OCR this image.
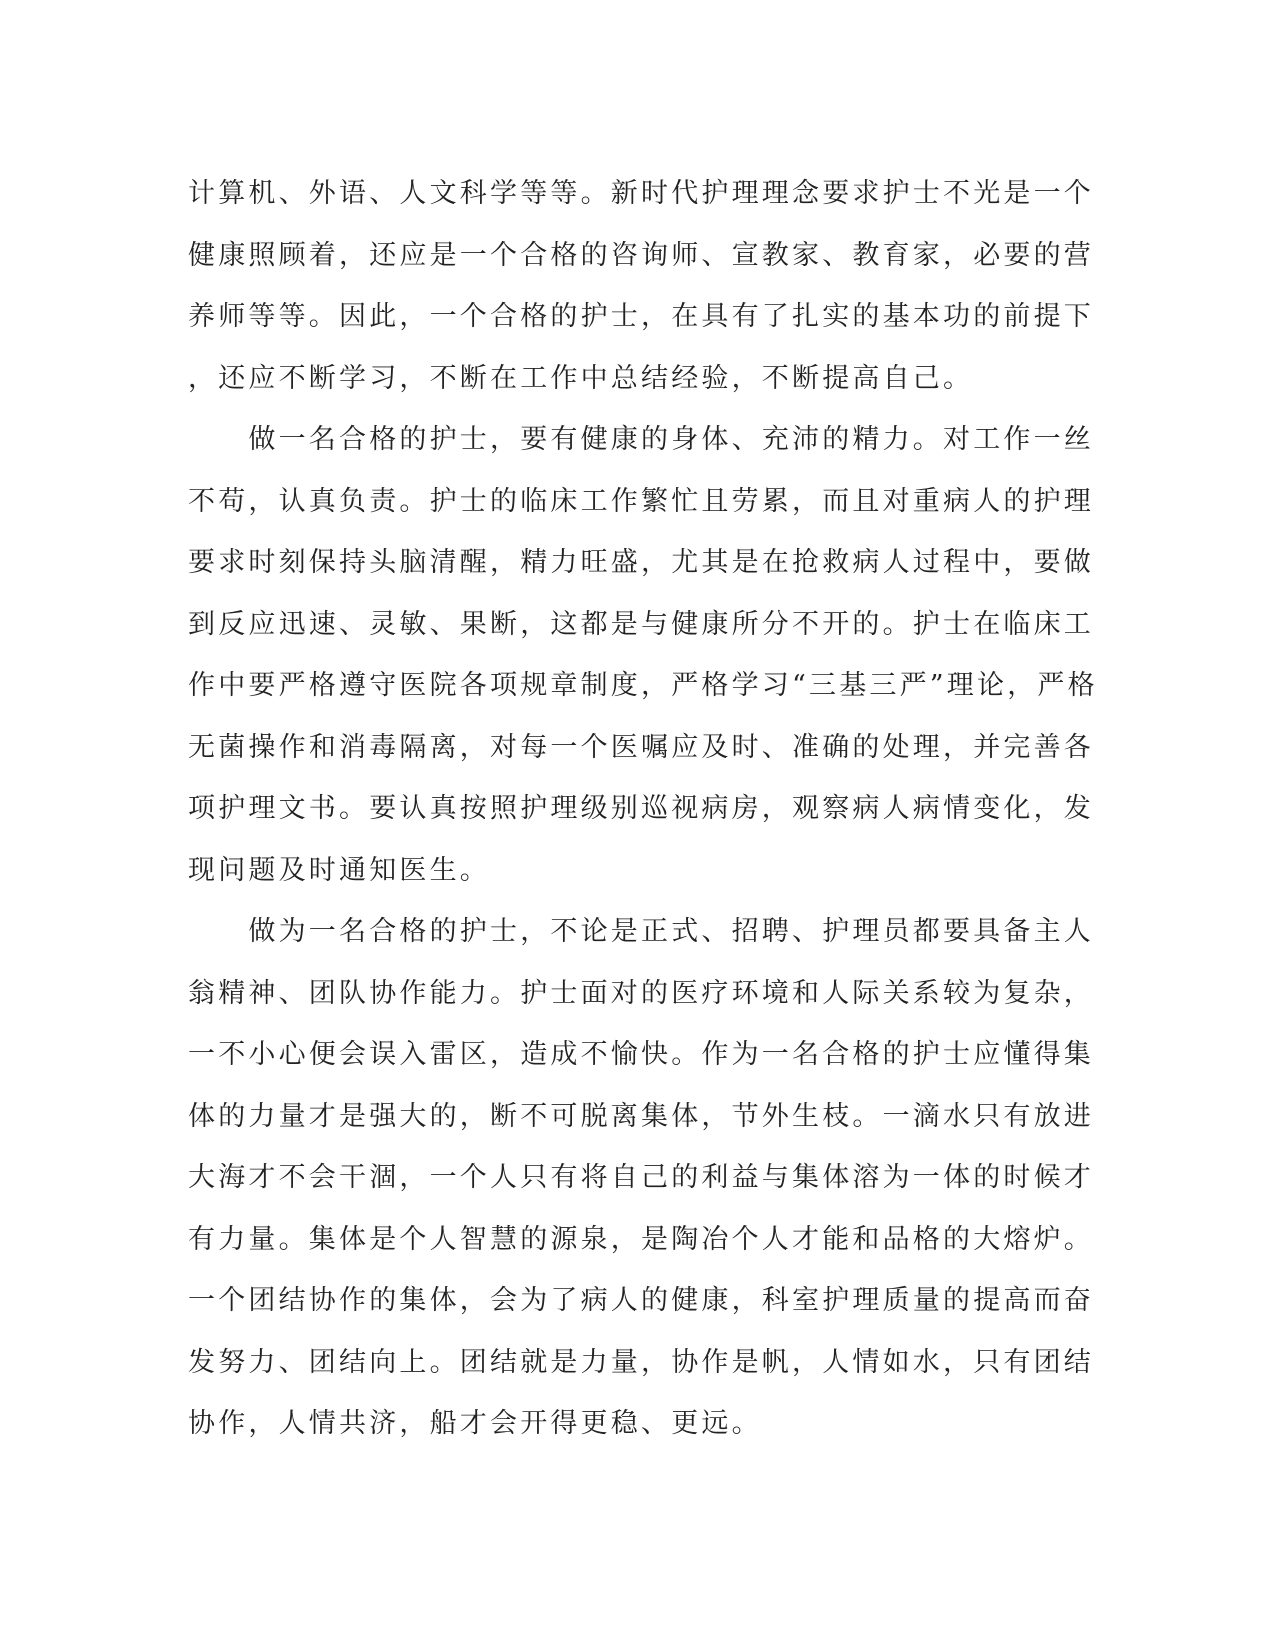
计算机、外语、人文科学等等。新时代护理理念要求护士不光是一个
健康照顾着，还应是一个合格的咨询师、宣教家、教育家，必要的营
养师等等。因此，一个合格的护士，在具有了扎实的基本功的前提下
，还应不断学习，不断在工作中总结经验，不断提高自己。
　　做一名合格的护士，要有健康的身体、充沛的精力。对工作一丝
不苟，认真负责。护士的临床工作繁忙且劳累，而且对重病人的护理
要求时刻保持头脑清醒，精力旺盛，尤其是在抢救病人过程中，要做
到反应迅速、灵敏、果断，这都是与健康所分不开的。护士在临床工
作中要严格遵守医院各项规章制度，严格学习“三基三严”理论，严格
无菌操作和消毒隔离，对每一个医嘱应及时、准确的处理，并完善各
项护理文书。要认真按照护理级别巡视病房，观察病人病情变化，发
现问题及时通知医生。
　　做为一名合格的护士，不论是正式、招聘、护理员都要具备主人
翁精神、团队协作能力。护士面对的医疗环境和人际关系较为复杂，
一不小心便会误入雷区，造成不愉快。作为一名合格的护士应懂得集
体的力量才是强大的，断不可脱离集体，节外生枝。一滴水只有放进
大海才不会干涸，一个人只有将自己的利益与集体溶为一体的时候才
有力量。集体是个人智慧的源泉，是陶冶个人才能和品格的大熔炉。
一个团结协作的集体，会为了病人的健康，科室护理质量的提高而奋
发努力、团结向上。团结就是力量，协作是帆，人情如水，只有团结
协作，人情共济，船才会开得更稳、更远。
